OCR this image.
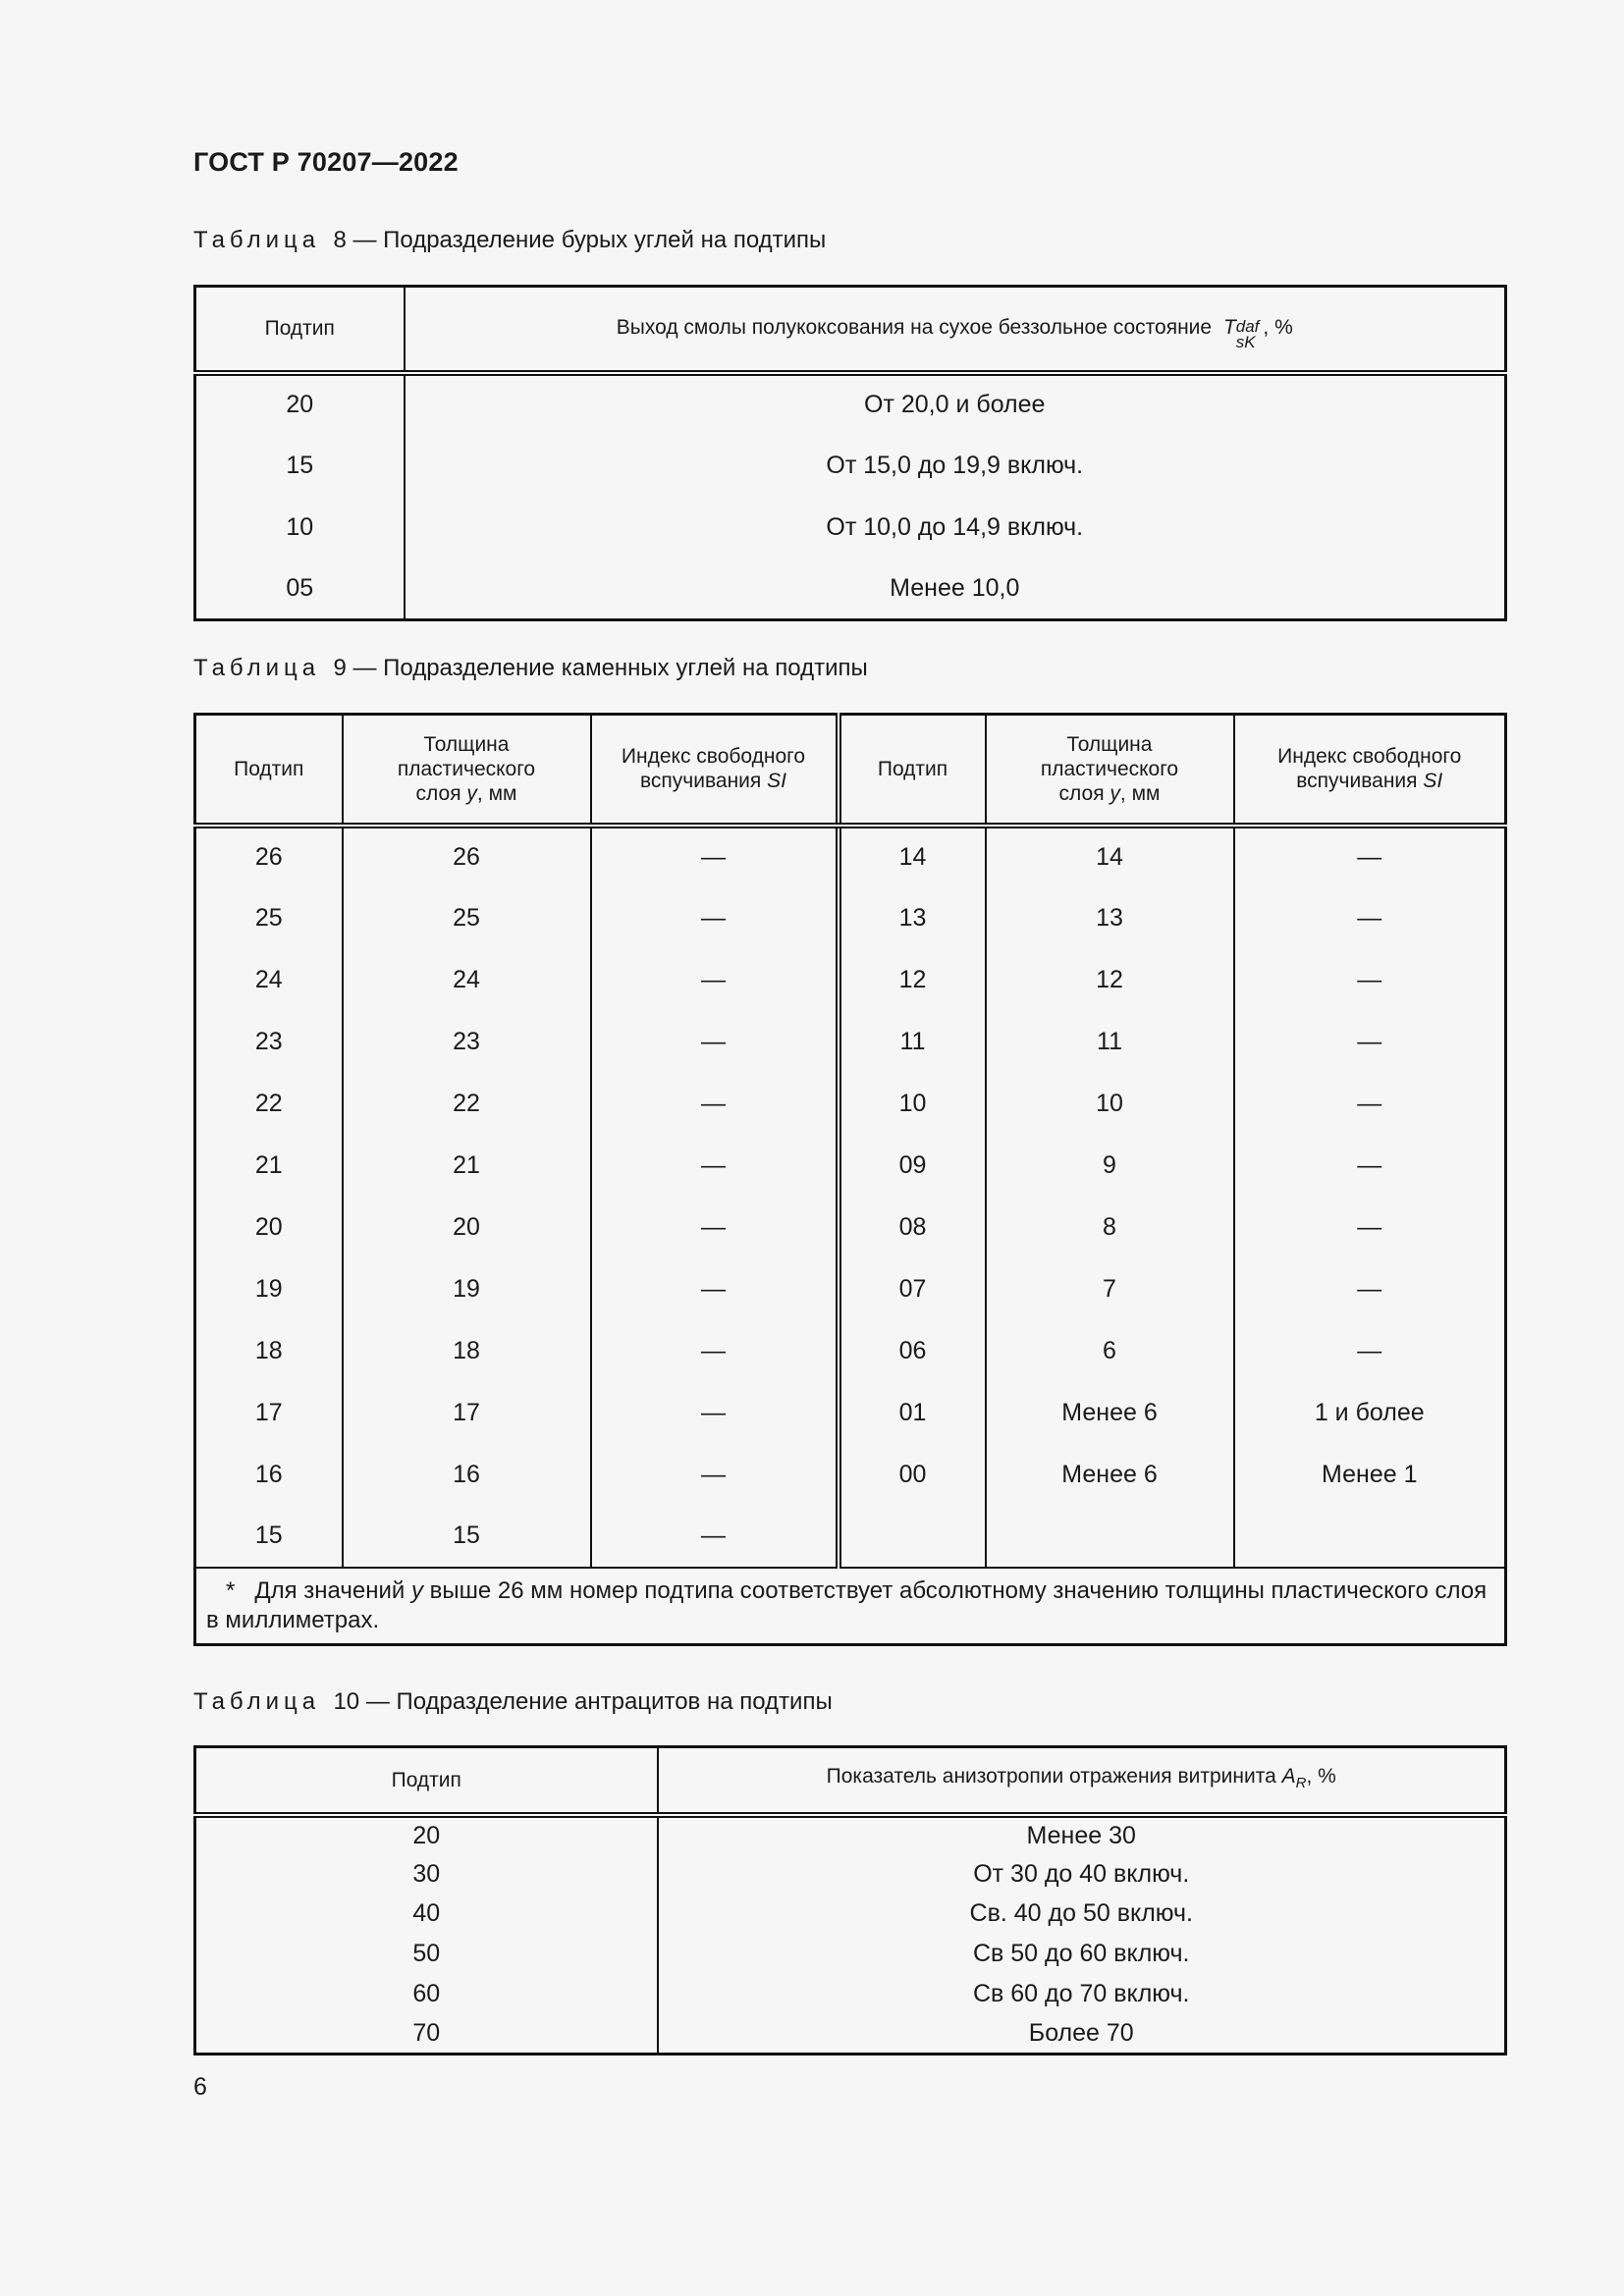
ГОСТ Р 70207—2022
Таблица 8 — Подразделение бурых углей на подтипы
Подтип	Выход смолы полукоксования на сухое беззольное состояние T daf
sK
, %
20	От 20,0 и более
15	От 15,0 до 19,9 включ.
10	От 10,0 до 14,9 включ.
05	Менее 10,0
Таблица 9 — Подразделение каменных углей на подтипы
Подтип	Толщина
пластического
слоя y, мм	Индекс свободного
вспучивания SI	Подтип	Толщина
пластического
слоя y, мм	Индекс свободного
вспучивания SI
26	26	—	14	14	—
25	25	—	13	13	—
24	24	—	12	12	—
23	23	—	11	11	—
22	22	—	10	10	—
21	21	—	09	9	—
20	20	—	08	8	—
19	19	—	07	7	—
18	18	—	06	6	—
17	17	—	01	Менее 6	1 и более
16	16	—	00	Менее 6	Менее 1
15	15	—			
* Для значений y выше 26 мм номер подтипа соответствует абсолютному значению толщины пластического слоя в миллиметрах.					
Таблица 10 — Подразделение антрацитов на подтипы
Подтип	Показатель анизотропии отражения витринита $A_R$, %
20	Менее 30
30	От 30 до 40 включ.
40	Св. 40 до 50 включ.
50	Св 50 до 60 включ.
60	Св 60 до 70 включ.
70	Более 70
6
